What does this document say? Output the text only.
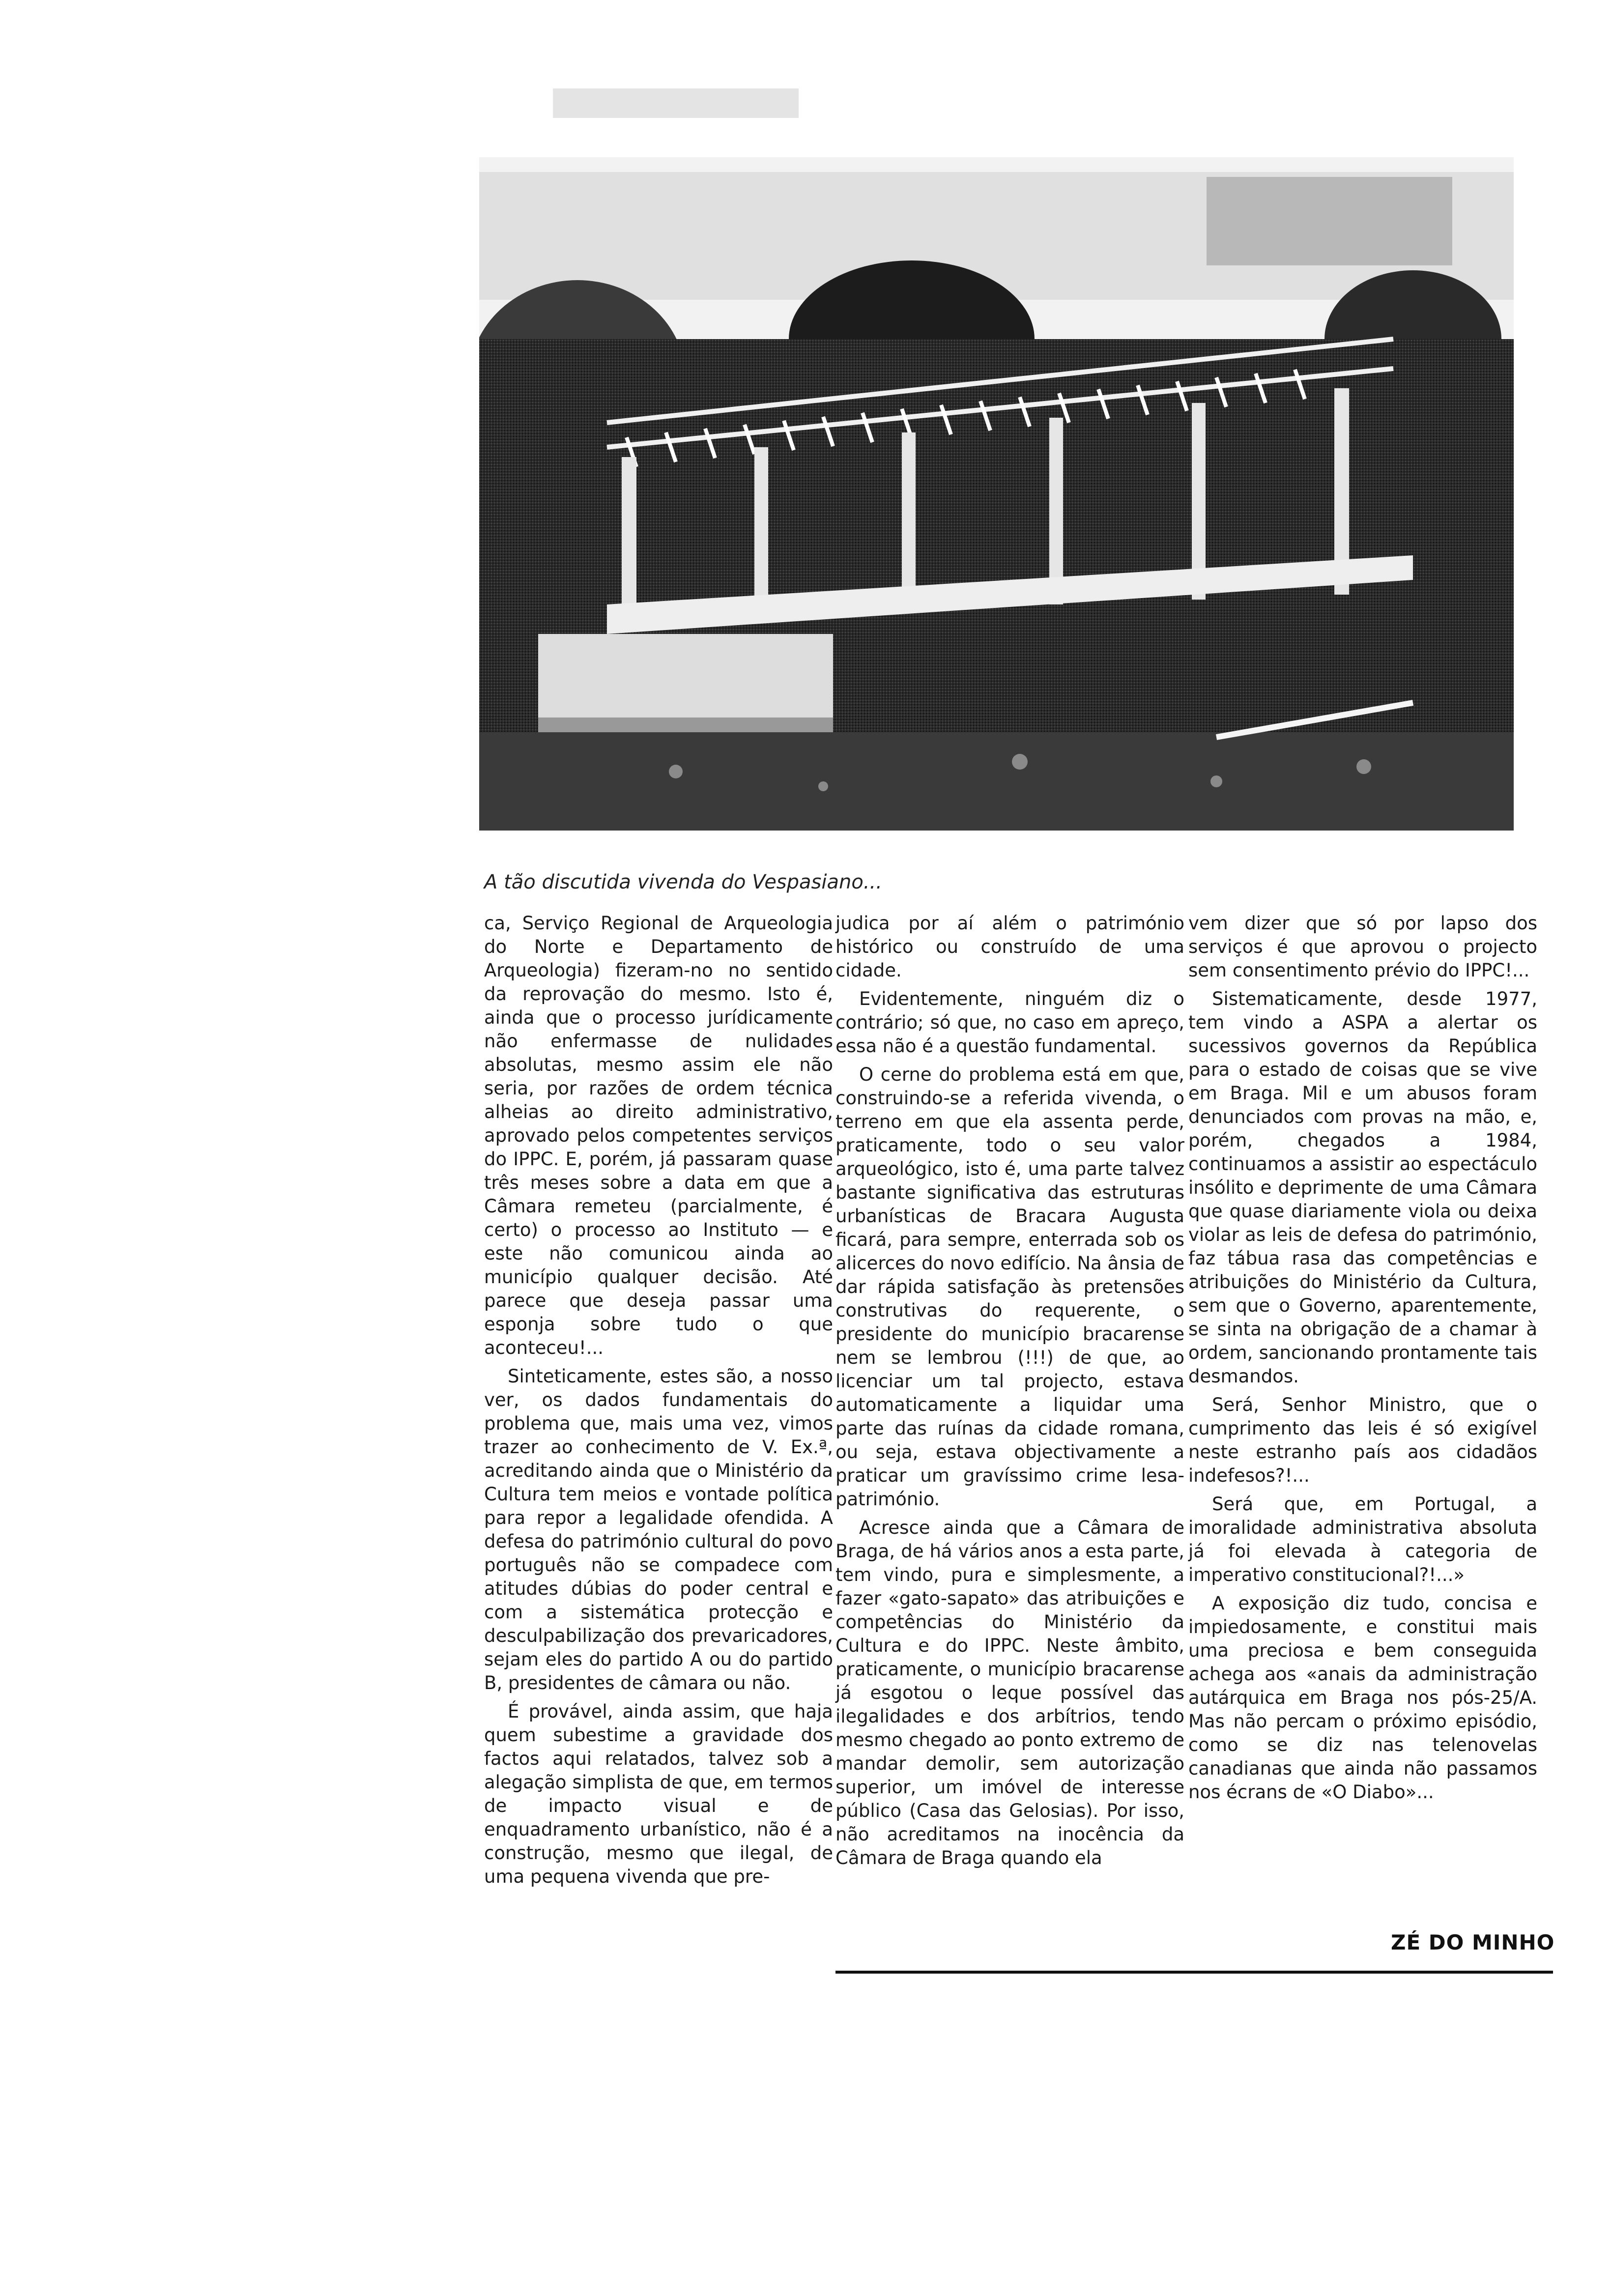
A tão discutida vivenda do Vespasiano...

ca, Serviço Regional de Arqueologia do Norte e Departamento de Arqueologia) fizeram-no no sentido da reprovação do mesmo. Isto é, ainda que o processo jurídicamente não enfermasse de nulidades absolutas, mesmo assim ele não seria, por razões de ordem técnica alheias ao direito administrativo, aprovado pelos competentes serviços do IPPC. E, porém, já passaram quase três meses sobre a data em que a Câmara remeteu (parcialmente, é certo) o processo ao Instituto — e este não comunicou ainda ao município qualquer decisão. Até parece que deseja passar uma esponja sobre tudo o que aconteceu!...

Sinteticamente, estes são, a nosso ver, os dados fundamentais do problema que, mais uma vez, vimos trazer ao conhecimento de V. Ex.ª, acreditando ainda que o Ministério da Cultura tem meios e vontade política para repor a legalidade ofendida. A defesa do património cultural do povo português não se compadece com atitudes dúbias do poder central e com a sistemática protecção e desculpabilização dos prevaricadores, sejam eles do partido A ou do partido B, presidentes de câmara ou não.

É provável, ainda assim, que haja quem subestime a gravidade dos factos aqui relatados, talvez sob a alegação simplista de que, em termos de impacto visual e de enquadramento urbanístico, não é a construção, mesmo que ilegal, de uma pequena vivenda que pre-

judica por aí além o património histórico ou construído de uma cidade.

Evidentemente, ninguém diz o contrário; só que, no caso em apreço, essa não é a questão fundamental.

O cerne do problema está em que, construindo-se a referida vivenda, o terreno em que ela assenta perde, praticamente, todo o seu valor arqueológico, isto é, uma parte talvez bastante significativa das estruturas urbanísticas de Bracara Augusta ficará, para sempre, enterrada sob os alicerces do novo edifício. Na ânsia de dar rápida satisfação às pretensões construtivas do requerente, o presidente do município bracarense nem se lembrou (!!!) de que, ao licenciar um tal projecto, estava automaticamente a liquidar uma parte das ruínas da cidade romana, ou seja, estava objectivamente a praticar um gravíssimo crime lesa-património.

Acresce ainda que a Câmara de Braga, de há vários anos a esta parte, tem vindo, pura e simplesmente, a fazer «gato-sapato» das atribuições e competências do Ministério da Cultura e do IPPC. Neste âmbito, praticamente, o município bracarense já esgotou o leque possível das ilegalidades e dos arbítrios, tendo mesmo chegado ao ponto extremo de mandar demolir, sem autorização superior, um imóvel de interesse público (Casa das Gelosias). Por isso, não acreditamos na inocência da Câmara de Braga quando ela

vem dizer que só por lapso dos serviços é que aprovou o projecto sem consentimento prévio do IPPC!...

Sistematicamente, desde 1977, tem vindo a ASPA a alertar os sucessivos governos da República para o estado de coisas que se vive em Braga. Mil e um abusos foram denunciados com provas na mão, e, porém, chegados a 1984, continuamos a assistir ao espectáculo insólito e deprimente de uma Câmara que quase diariamente viola ou deixa violar as leis de defesa do património, faz tábua rasa das competências e atribuições do Ministério da Cultura, sem que o Governo, aparentemente, se sinta na obrigação de a chamar à ordem, sancionando prontamente tais desmandos.

Será, Senhor Ministro, que o cumprimento das leis é só exigível neste estranho país aos cidadãos indefesos?!...

Será que, em Portugal, a imoralidade administrativa absoluta já foi elevada à categoria de imperativo constitucional?!...»

A exposição diz tudo, concisa e impiedosamente, e constitui mais uma preciosa e bem conseguida achega aos «anais da administração autárquica em Braga nos pós-25/A. Mas não percam o próximo episódio, como se diz nas telenovelas canadianas que ainda não passamos nos écrans de «O Diabo»...

ZÉ DO MINHO
